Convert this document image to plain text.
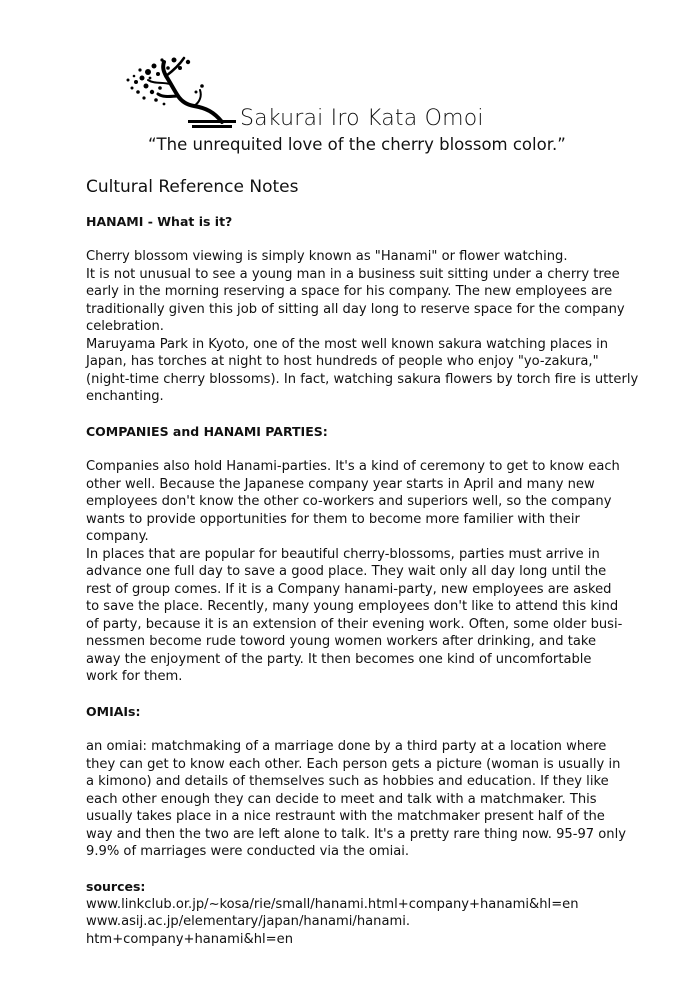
Sakurai Iro Kata Omoi
“The unrequited love of the cherry blossom color.”
Cultural Reference Notes
HANAMI - What is it?
Cherry blossom viewing is simply known as "Hanami" or flower watching.
It is not unusual to see a young man in a business suit sitting under a cherry tree
early in the morning reserving a space for his company. The new employees are
traditionally given this job of sitting all day long to reserve space for the company
celebration.
Maruyama Park in Kyoto, one of the most well known sakura watching places in
Japan, has torches at night to host hundreds of people who enjoy "yo-zakura,"
(night-time cherry blossoms). In fact, watching sakura flowers by torch fire is utterly
enchanting.
COMPANIES and HANAMI PARTIES:
Companies also hold Hanami-parties. It's a kind of ceremony to get to know each
other well. Because the Japanese company year starts in April and many new
employees don't know the other co-workers and superiors well, so the company
wants to provide opportunities for them to become more familier with their
company.
In places that are popular for beautiful cherry-blossoms, parties must arrive in
advance one full day to save a good place. They wait only all day long until the
rest of group comes. If it is a Company hanami-party, new employees are asked
to save the place. Recently, many young employees don't like to attend this kind
of party, because it is an extension of their evening work. Often, some older busi-
nessmen become rude toword young women workers after drinking, and take
away the enjoyment of the party. It then becomes one kind of uncomfortable
work for them.
OMIAIs:
an omiai: matchmaking of a marriage done by a third party at a location where
they can get to know each other. Each person gets a picture (woman is usually in
a kimono) and details of themselves such as hobbies and education. If they like
each other enough they can decide to meet and talk with a matchmaker. This
usually takes place in a nice restraunt with the matchmaker present half of the
way and then the two are left alone to talk. It's a pretty rare thing now. 95-97 only
9.9% of marriages were conducted via the omiai.
sources:
www.linkclub.or.jp/~kosa/rie/small/hanami.html+company+hanami&hl=en
www.asij.ac.jp/elementary/japan/hanami/hanami.
htm+company+hanami&hl=en
